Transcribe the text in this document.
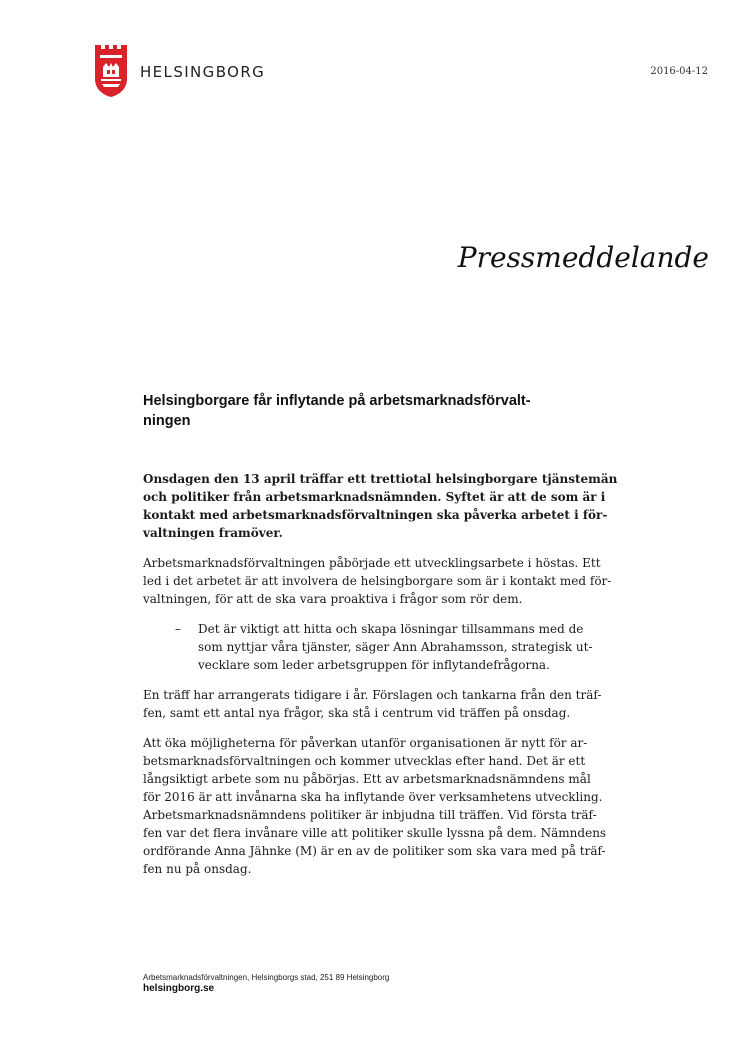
HELSINGBORG	2016-04-12
Pressmeddelande
Helsingborgare får inflytande på arbetsmarknadsförvalt-
ningen

Onsdagen den 13 april träffar ett trettiotal helsingborgare tjänstemän
och politiker från arbetsmarknadsnämnden. Syftet är att de som är i
kontakt med arbetsmarknadsförvaltningen ska påverka arbetet i för-
valtningen framöver.

Arbetsmarknadsförvaltningen påbörjade ett utvecklingsarbete i höstas. Ett
led i det arbetet är att involvera de helsingborgare som är i kontakt med för-
valtningen, för att de ska vara proaktiva i frågor som rör dem.

– Det är viktigt att hitta och skapa lösningar tillsammans med de
som nyttjar våra tjänster, säger Ann Abrahamsson, strategisk ut-
vecklare som leder arbetsgruppen för inflytandefrågorna.

En träff har arrangerats tidigare i år. Förslagen och tankarna från den träf-
fen, samt ett antal nya frågor, ska stå i centrum vid träffen på onsdag.

Att öka möjligheterna för påverkan utanför organisationen är nytt för ar-
betsmarknadsförvaltningen och kommer utvecklas efter hand. Det är ett
långsiktigt arbete som nu påbörjas. Ett av arbetsmarknadsnämndens mål
för 2016 är att invånarna ska ha inflytande över verksamhetens utveckling.
Arbetsmarknadsnämndens politiker är inbjudna till träffen. Vid första träf-
fen var det flera invånare ville att politiker skulle lyssna på dem. Nämndens
ordförande Anna Jähnke (M) är en av de politiker som ska vara med på träf-
fen nu på onsdag.

Arbetsmarknadsförvaltningen, Helsingborgs stad, 251 89 Helsingborg
helsingborg.se
